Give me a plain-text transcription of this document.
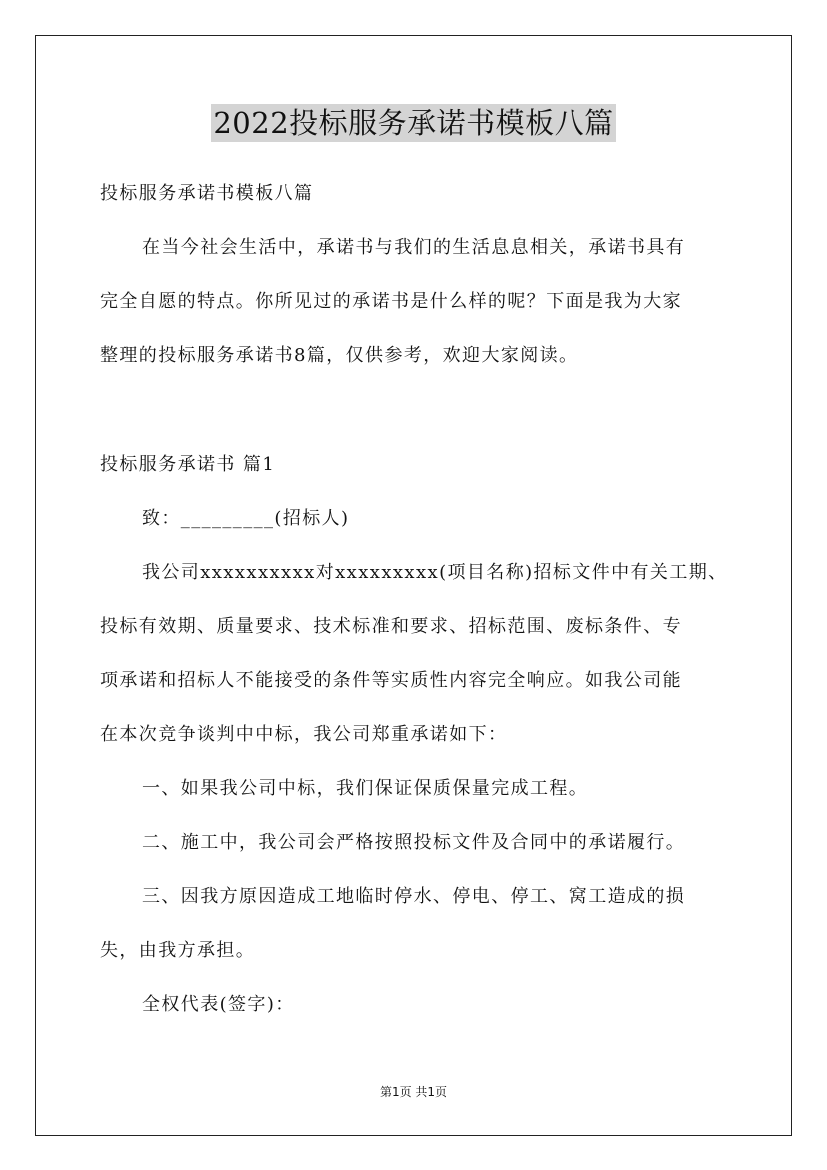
2022投标服务承诺书模板八篇
投标服务承诺书模板八篇
在当今社会生活中，承诺书与我们的生活息息相关，承诺书具有
完全自愿的特点。你所见过的承诺书是什么样的呢？下面是我为大家
整理的投标服务承诺书8篇，仅供参考，欢迎大家阅读。
投标服务承诺书 篇1
致：_________(招标人)
我公司xxxxxxxxxx对xxxxxxxxx(项目名称)招标文件中有关工期、
投标有效期、质量要求、技术标准和要求、招标范围、废标条件、专
项承诺和招标人不能接受的条件等实质性内容完全响应。如我公司能
在本次竞争谈判中中标，我公司郑重承诺如下：
一、如果我公司中标，我们保证保质保量完成工程。
二、施工中，我公司会严格按照投标文件及合同中的承诺履行。
三、因我方原因造成工地临时停水、停电、停工、窝工造成的损
失，由我方承担。
全权代表(签字)：
第1页 共1页
